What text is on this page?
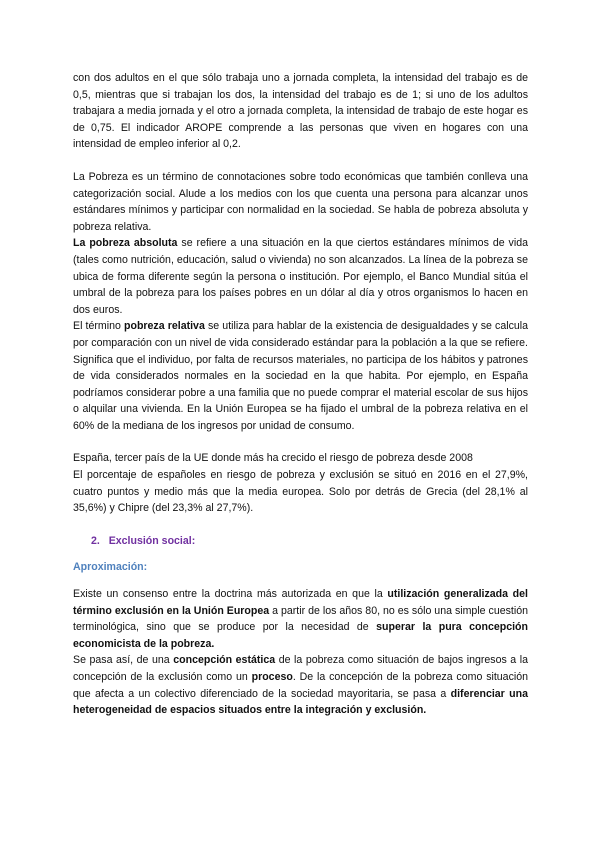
con dos adultos en el que sólo trabaja uno a jornada completa, la intensidad del trabajo es de 0,5, mientras que si trabajan los dos, la intensidad del trabajo es de 1; si uno de los adultos trabajara a media jornada y el otro a jornada completa, la intensidad de trabajo de este hogar es de 0,75. El indicador AROPE comprende a las personas que viven en hogares con una intensidad de empleo inferior al 0,2.

La Pobreza es un término de connotaciones sobre todo económicas que también conlleva una categorización social. Alude a los medios con los que cuenta una persona para alcanzar unos estándares mínimos y participar con normalidad en la sociedad. Se habla de pobreza absoluta y pobreza relativa.

La pobreza absoluta se refiere a una situación en la que ciertos estándares mínimos de vida (tales como nutrición, educación, salud o vivienda) no son alcanzados. La línea de la pobreza se ubica de forma diferente según la persona o institución. Por ejemplo, el Banco Mundial sitúa el umbral de la pobreza para los países pobres en un dólar al día y otros organismos lo hacen en dos euros.

El término pobreza relativa se utiliza para hablar de la existencia de desigualdades y se calcula por comparación con un nivel de vida considerado estándar para la población a la que se refiere. Significa que el individuo, por falta de recursos materiales, no participa de los hábitos y patrones de vida considerados normales en la sociedad en la que habita. Por ejemplo, en España podríamos considerar pobre a una familia que no puede comprar el material escolar de sus hijos o alquilar una vivienda. En la Unión Europea se ha fijado el umbral de la pobreza relativa en el 60% de la mediana de los ingresos por unidad de consumo.

España, tercer país de la UE donde más ha crecido el riesgo de pobreza desde 2008

El porcentaje de españoles en riesgo de pobreza y exclusión se situó en 2016 en el 27,9%, cuatro puntos y medio más que la media europea. Solo por detrás de Grecia (del 28,1% al 35,6%) y Chipre (del 23,3% al 27,7%).

2. Exclusión social:

Aproximación:

Existe un consenso entre la doctrina más autorizada en que la utilización generalizada del término exclusión en la Unión Europea a partir de los años 80, no es sólo una simple cuestión terminológica, sino que se produce por la necesidad de superar la pura concepción economicista de la pobreza.

Se pasa así, de una concepción estática de la pobreza como situación de bajos ingresos a la concepción de la exclusión como un proceso. De la concepción de la pobreza como situación que afecta a un colectivo diferenciado de la sociedad mayoritaria, se pasa a diferenciar una heterogeneidad de espacios situados entre la integración y exclusión.
